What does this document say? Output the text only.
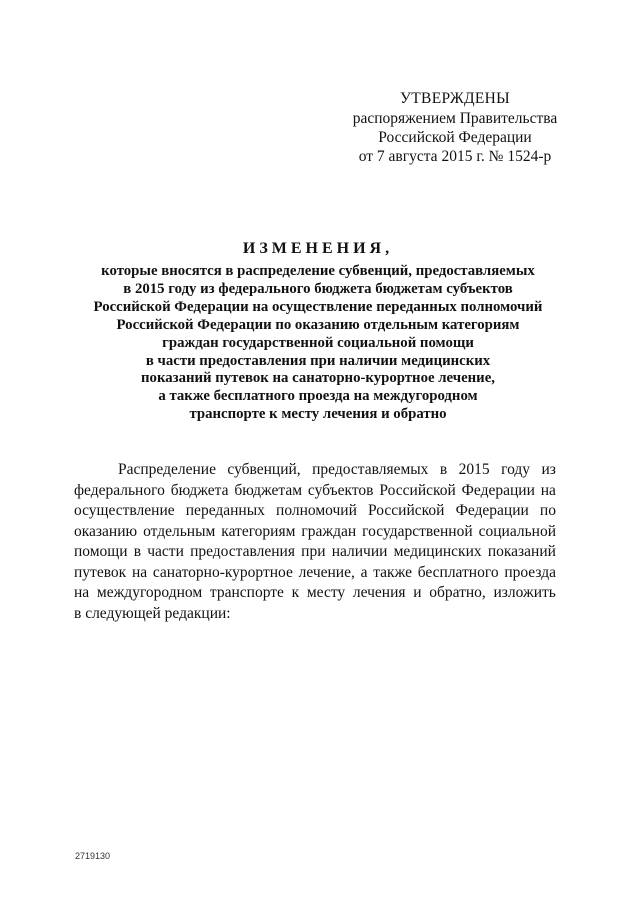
УТВЕРЖДЕНЫ
распоряжением Правительства
Российской Федерации
от 7 августа 2015 г. № 1524-р
ИЗМЕНЕНИЯ,
которые вносятся в распределение субвенций, предоставляемых
в 2015 году из федерального бюджета бюджетам субъектов
Российской Федерации на осуществление переданных полномочий
Российской Федерации по оказанию отдельным категориям
граждан государственной социальной помощи
в части предоставления при наличии медицинских
показаний путевок на санаторно-курортное лечение,
а также бесплатного проезда на междугородном
транспорте к месту лечения и обратно
Распределение субвенций, предоставляемых в 2015 году из
федерального бюджета бюджетам субъектов Российской Федерации на
осуществление переданных полномочий Российской Федерации по
оказанию отдельным категориям граждан государственной социальной
помощи в части предоставления при наличии медицинских показаний
путевок на санаторно-курортное лечение, а также бесплатного проезда
на междугородном транспорте к месту лечения и обратно, изложить
в следующей редакции:
2719130
